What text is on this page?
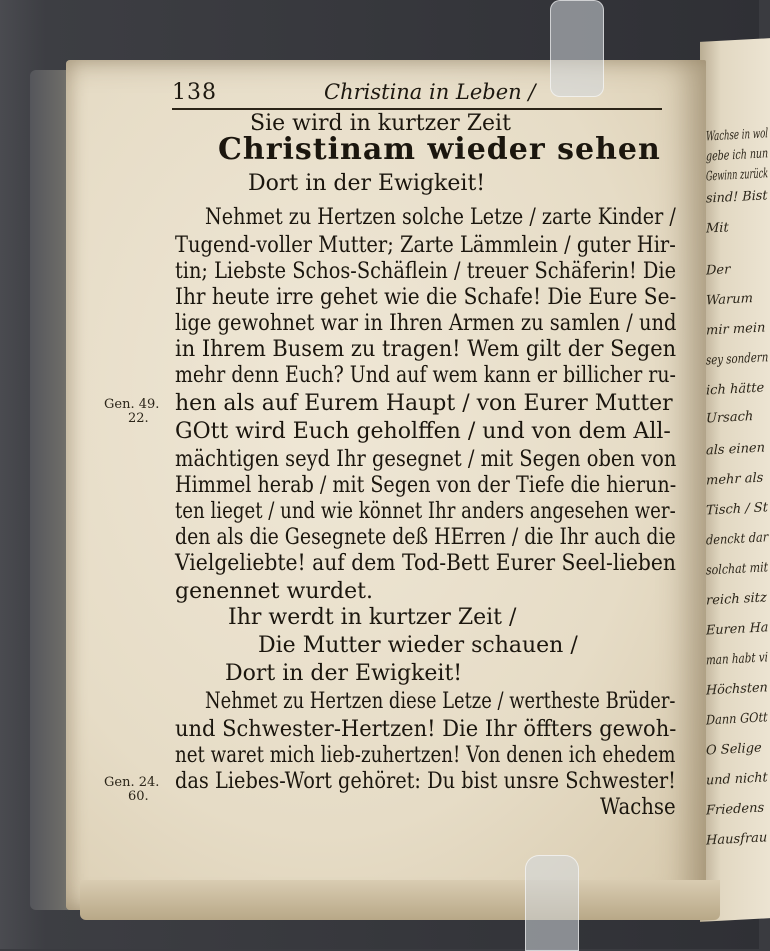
Wachse in wol
gebe ich nun
Gewinn zurück
sind! Bist
Mit
Der
Warum
mir mein
sey sondern
ich hätte
Ursach
als einen
mehr als
Tisch / St
denckt dar
solchat mit
reich sitz
Euren Ha
man habt vi
Höchsten
Dann GOtt
O Selige
und nicht
Friedens
Hausfrau
138	Christina in Leben /
Sie wird in kurtzer Zeit
Christinam wieder sehen
Dort in der Ewigkeit!
Nehmet zu Hertzen solche Letze / zarte Kinder /
Tugend-voller Mutter; Zarte Lämmlein / guter Hir-
tin; Liebste Schos-Schäflein / treuer Schäferin! Die
Ihr heute irre gehet wie die Schafe! Die Eure Se-
lige gewohnet war in Ihren Armen zu samlen / und
in Ihrem Busem zu tragen! Wem gilt der Segen
mehr denn Euch? Und auf wem kann er billicher ru-
hen als auf Eurem Haupt / von Eurer Mutter
GOtt wird Euch geholffen / und von dem All-
mächtigen seyd Ihr gesegnet / mit Segen oben von
Himmel herab / mit Segen von der Tiefe die hierun-
ten lieget / und wie könnet Ihr anders angesehen wer-
den als die Gesegnete deß HErren / die Ihr auch die
Vielgeliebte! auf dem Tod-Bett Eurer Seel-lieben
genennet wurdet.
Ihr werdt in kurtzer Zeit /
Die Mutter wieder schauen /
Dort in der Ewigkeit!
Nehmet zu Hertzen diese Letze / wertheste Brüder-
und Schwester-Hertzen! Die Ihr öffters gewoh-
net waret mich lieb-zuhertzen! Von denen ich ehedem
das Liebes-Wort gehöret: Du bist unsre Schwester!
Wachse
Gen. 49.
22.
Gen. 24.
60.
